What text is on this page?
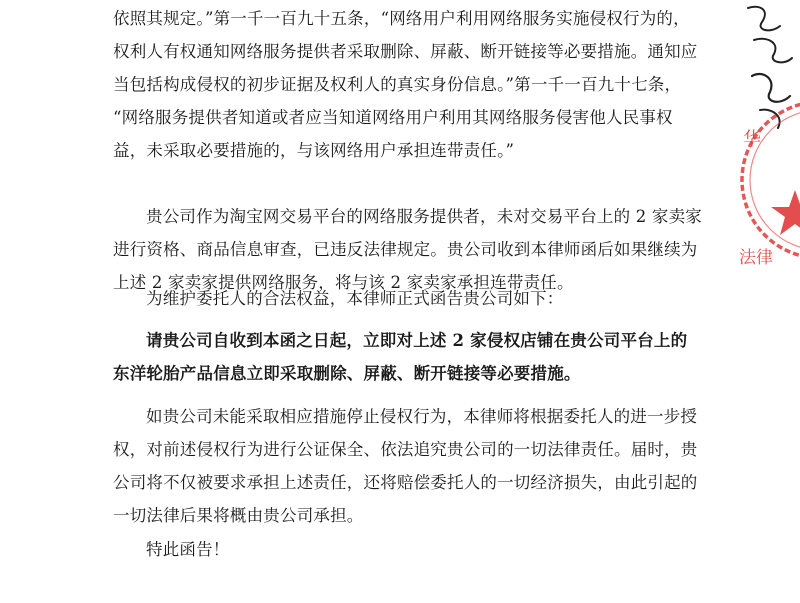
依照其规定。”第一千一百九十五条，“网络用户利用网络服务实施侵权行为的，
权利人有权通知网络服务提供者采取删除、屏蔽、断开链接等必要措施。通知应
当包括构成侵权的初步证据及权利人的真实身份信息。”第一千一百九十七条，
“网络服务提供者知道或者应当知道网络用户利用其网络服务侵害他人民事权
益，未采取必要措施的，与该网络用户承担连带责任。”

贵公司作为淘宝网交易平台的网络服务提供者，未对交易平台上的 2 家卖家
进行资格、商品信息审查，已违反法律规定。贵公司收到本律师函后如果继续为
上述 2 家卖家提供网络服务，将与该 2 家卖家承担连带责任。

为维护委托人的合法权益，本律师正式函告贵公司如下：

请贵公司自收到本函之日起，立即对上述 2 家侵权店铺在贵公司平台上的
东洋轮胎产品信息立即采取删除、屏蔽、断开链接等必要措施。

如贵公司未能采取相应措施停止侵权行为，本律师将根据委托人的进一步授
权，对前述侵权行为进行公证保全、依法追究贵公司的一切法律责任。届时，贵
公司将不仅被要求承担上述责任，还将赔偿委托人的一切经济损失，由此引起的
一切法律后果将概由贵公司承担。

特此函告！

华
法律
